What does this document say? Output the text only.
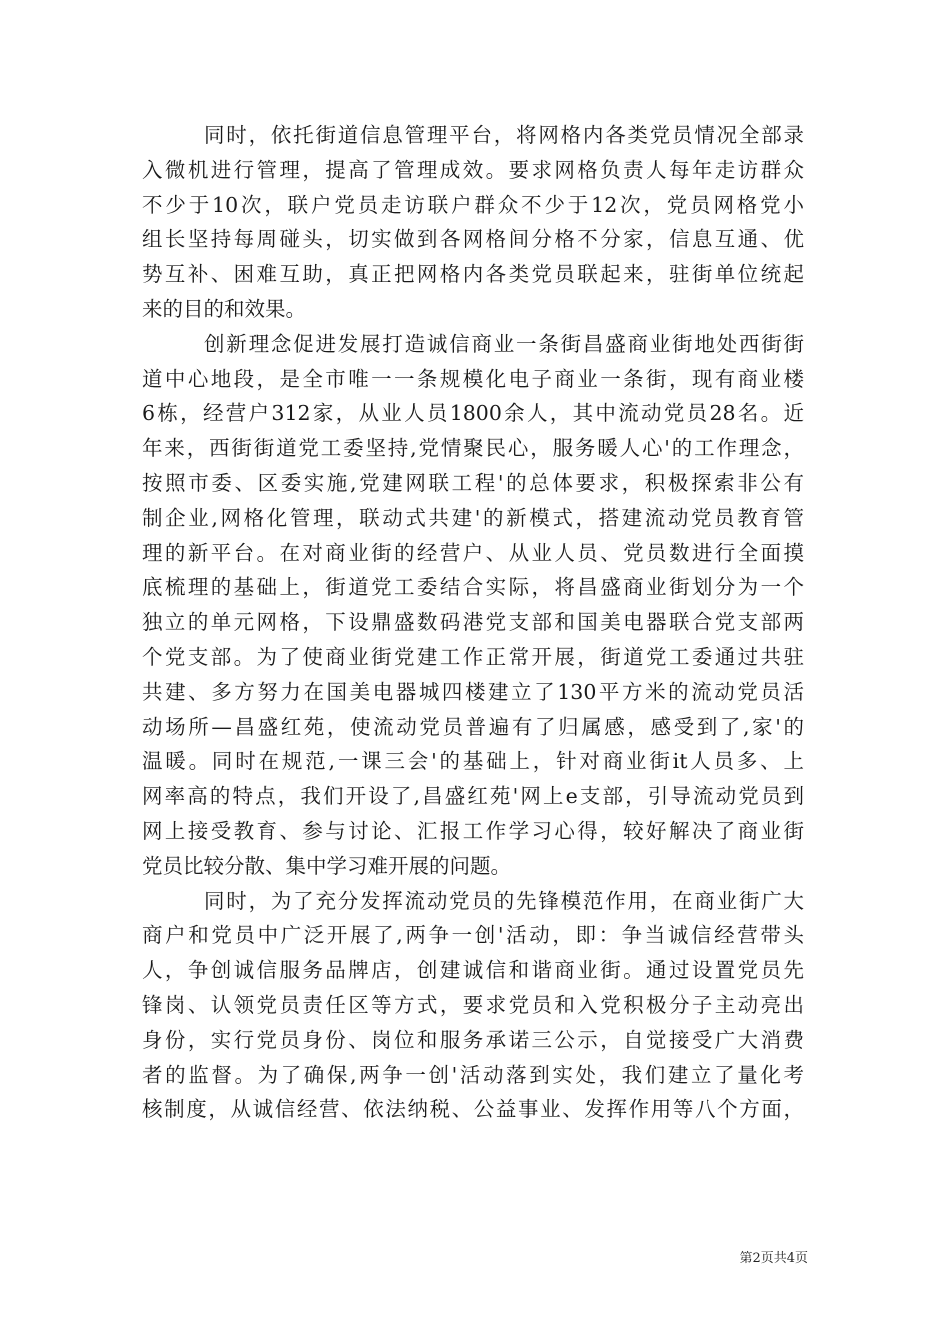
同时，依托街道信息管理平台，将网格内各类党员情况全部录
入微机进行管理，提高了管理成效。要求网格负责人每年走访群众
不少于10次，联户党员走访联户群众不少于12次，党员网格党小
组长坚持每周碰头，切实做到各网格间分格不分家，信息互通、优
势互补、困难互助，真正把网格内各类党员联起来，驻街单位统起
来的目的和效果。
创新理念促进发展打造诚信商业一条街昌盛商业街地处西街街
道中心地段，是全市唯一一条规模化电子商业一条街，现有商业楼
6栋，经营户312家，从业人员1800余人，其中流动党员28名。近
年来，西街街道党工委坚持,党情聚民心，服务暖人心'的工作理念，
按照市委、区委实施,党建网联工程'的总体要求，积极探索非公有
制企业,网格化管理，联动式共建'的新模式，搭建流动党员教育管
理的新平台。在对商业街的经营户、从业人员、党员数进行全面摸
底梳理的基础上，街道党工委结合实际，将昌盛商业街划分为一个
独立的单元网格，下设鼎盛数码港党支部和国美电器联合党支部两
个党支部。为了使商业街党建工作正常开展，街道党工委通过共驻
共建、多方努力在国美电器城四楼建立了130平方米的流动党员活
动场所—昌盛红苑，使流动党员普遍有了归属感，感受到了,家'的
温暖。同时在规范,一课三会'的基础上，针对商业街it人员多、上
网率高的特点，我们开设了,昌盛红苑'网上e支部，引导流动党员到
网上接受教育、参与讨论、汇报工作学习心得，较好解决了商业街
党员比较分散、集中学习难开展的问题。
同时，为了充分发挥流动党员的先锋模范作用，在商业街广大
商户和党员中广泛开展了,两争一创'活动，即：争当诚信经营带头
人，争创诚信服务品牌店，创建诚信和谐商业街。通过设置党员先
锋岗、认领党员责任区等方式，要求党员和入党积极分子主动亮出
身份，实行党员身份、岗位和服务承诺三公示，自觉接受广大消费
者的监督。为了确保,两争一创'活动落到实处，我们建立了量化考
核制度，从诚信经营、依法纳税、公益事业、发挥作用等八个方面，
第2页共4页
